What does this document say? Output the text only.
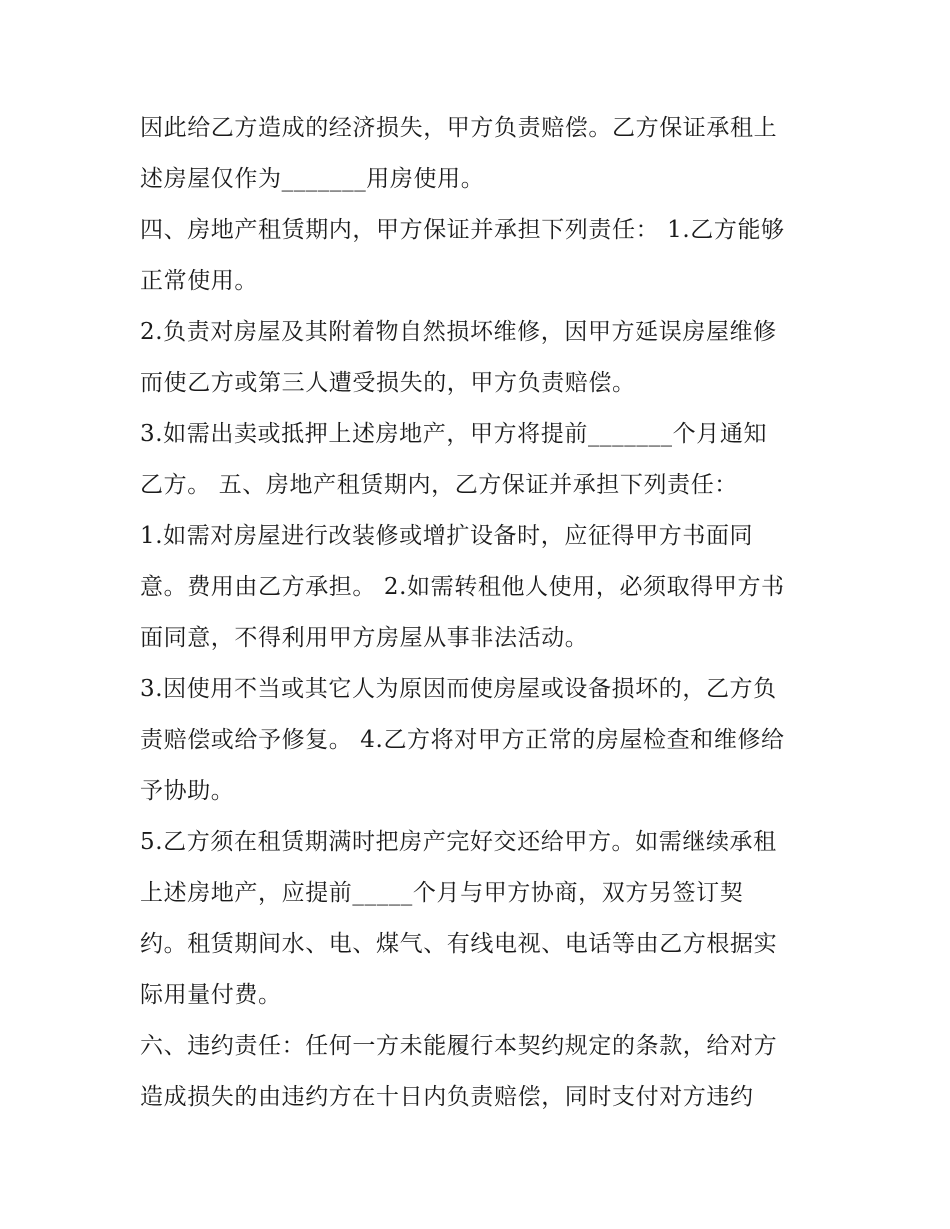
因此给乙方造成的经济损失，甲方负责赔偿。乙方保证承租上
述房屋仅作为_______用房使用。
四、房地产租赁期内，甲方保证并承担下列责任： 1.乙方能够
正常使用。
2.负责对房屋及其附着物自然损坏维修，因甲方延误房屋维修
而使乙方或第三人遭受损失的，甲方负责赔偿。
3.如需出卖或抵押上述房地产，甲方将提前_______个月通知
乙方。 五、房地产租赁期内，乙方保证并承担下列责任：
1.如需对房屋进行改装修或增扩设备时，应征得甲方书面同
意。费用由乙方承担。 2.如需转租他人使用，必须取得甲方书
面同意，不得利用甲方房屋从事非法活动。
3.因使用不当或其它人为原因而使房屋或设备损坏的，乙方负
责赔偿或给予修复。 4.乙方将对甲方正常的房屋检查和维修给
予协助。
5.乙方须在租赁期满时把房产完好交还给甲方。如需继续承租
上述房地产，应提前_____个月与甲方协商，双方另签订契
约。租赁期间水、电、煤气、有线电视、电话等由乙方根据实
际用量付费。
六、违约责任：任何一方未能履行本契约规定的条款，给对方
造成损失的由违约方在十日内负责赔偿，同时支付对方违约
